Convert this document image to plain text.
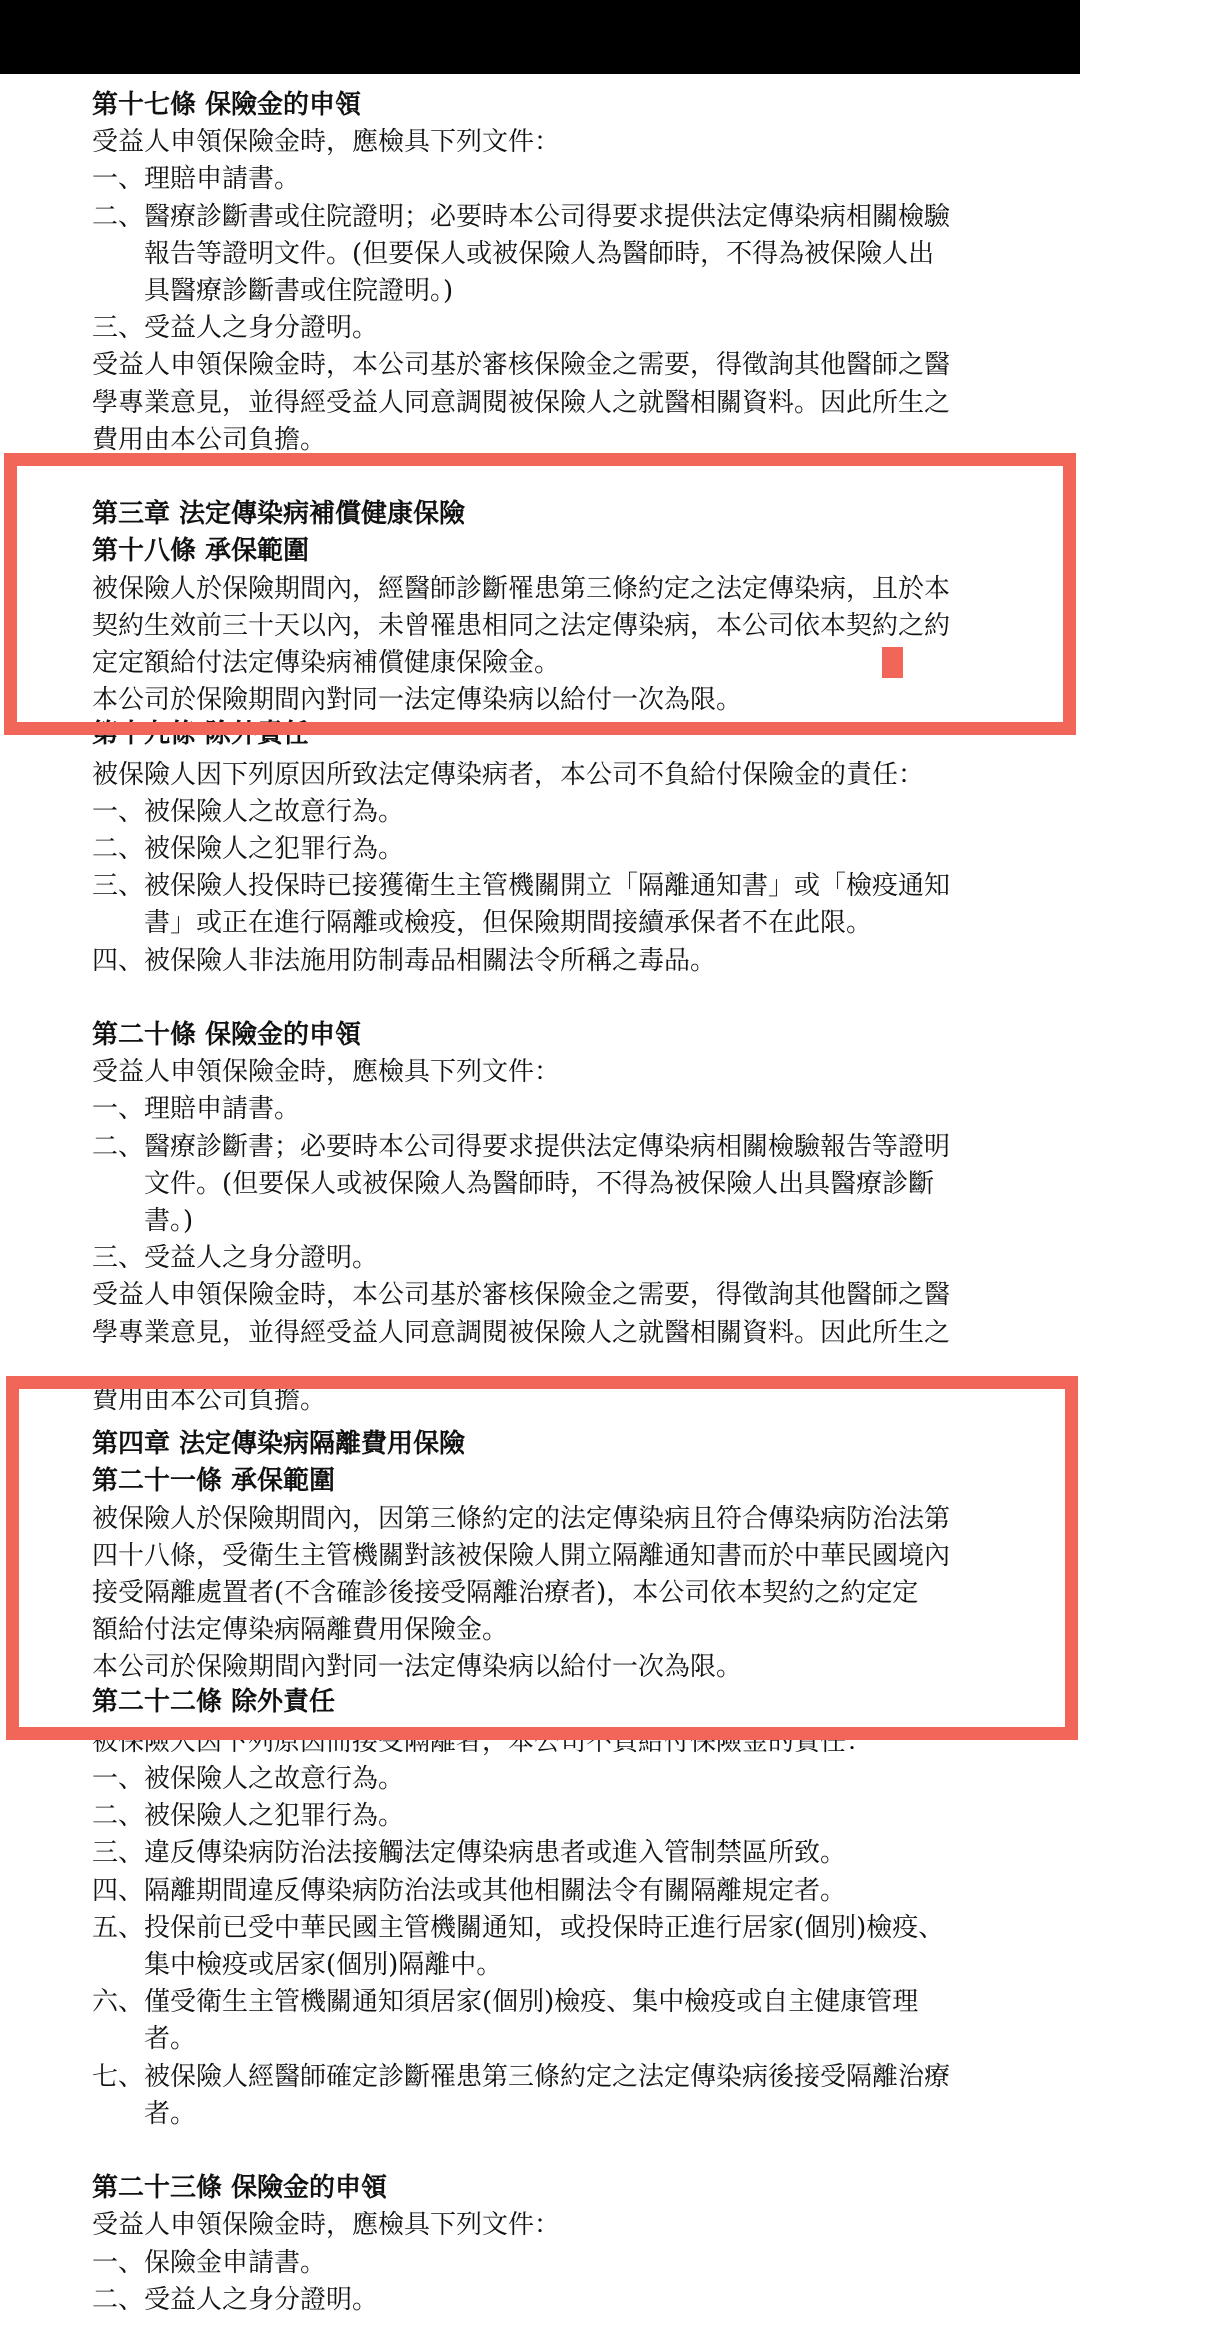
第十七條 保險金的申領
受益人申領保險金時，應檢具下列文件：
一、理賠申請書。
二、醫療診斷書或住院證明；必要時本公司得要求提供法定傳染病相關檢驗
報告等證明文件。(但要保人或被保險人為醫師時，不得為被保險人出
具醫療診斷書或住院證明。)
三、受益人之身分證明。
受益人申領保險金時，本公司基於審核保險金之需要，得徵詢其他醫師之醫
學專業意見，並得經受益人同意調閱被保險人之就醫相關資料。因此所生之
費用由本公司負擔。
第三章 法定傳染病補償健康保險
第十八條 承保範圍
被保險人於保險期間內，經醫師診斷罹患第三條約定之法定傳染病，且於本
契約生效前三十天以內，未曾罹患相同之法定傳染病，本公司依本契約之約
定定額給付法定傳染病補償健康保險金。
本公司於保險期間內對同一法定傳染病以給付一次為限。
第十九條 除外責任
被保險人因下列原因所致法定傳染病者，本公司不負給付保險金的責任：
一、被保險人之故意行為。
二、被保險人之犯罪行為。
三、被保險人投保時已接獲衛生主管機關開立「隔離通知書」或「檢疫通知
書」或正在進行隔離或檢疫，但保險期間接續承保者不在此限。
四、被保險人非法施用防制毒品相關法令所稱之毒品。
第二十條 保險金的申領
受益人申領保險金時，應檢具下列文件：
一、理賠申請書。
二、醫療診斷書；必要時本公司得要求提供法定傳染病相關檢驗報告等證明
文件。(但要保人或被保險人為醫師時，不得為被保險人出具醫療診斷
書。)
三、受益人之身分證明。
受益人申領保險金時，本公司基於審核保險金之需要，得徵詢其他醫師之醫
學專業意見，並得經受益人同意調閱被保險人之就醫相關資料。因此所生之
費用由本公司負擔。
第四章 法定傳染病隔離費用保險
第二十一條 承保範圍
被保險人於保險期間內，因第三條約定的法定傳染病且符合傳染病防治法第
四十八條，受衛生主管機關對該被保險人開立隔離通知書而於中華民國境內
接受隔離處置者(不含確診後接受隔離治療者)，本公司依本契約之約定定
額給付法定傳染病隔離費用保險金。
本公司於保險期間內對同一法定傳染病以給付一次為限。
第二十二條 除外責任
被保險人因下列原因而接受隔離者，本公司不負給付保險金的責任：
一、被保險人之故意行為。
二、被保險人之犯罪行為。
三、違反傳染病防治法接觸法定傳染病患者或進入管制禁區所致。
四、隔離期間違反傳染病防治法或其他相關法令有關隔離規定者。
五、投保前已受中華民國主管機關通知，或投保時正進行居家(個別)檢疫、
集中檢疫或居家(個別)隔離中。
六、僅受衛生主管機關通知須居家(個別)檢疫、集中檢疫或自主健康管理
者。
七、被保險人經醫師確定診斷罹患第三條約定之法定傳染病後接受隔離治療
者。
第二十三條 保險金的申領
受益人申領保險金時，應檢具下列文件：
一、保險金申請書。
二、受益人之身分證明。
